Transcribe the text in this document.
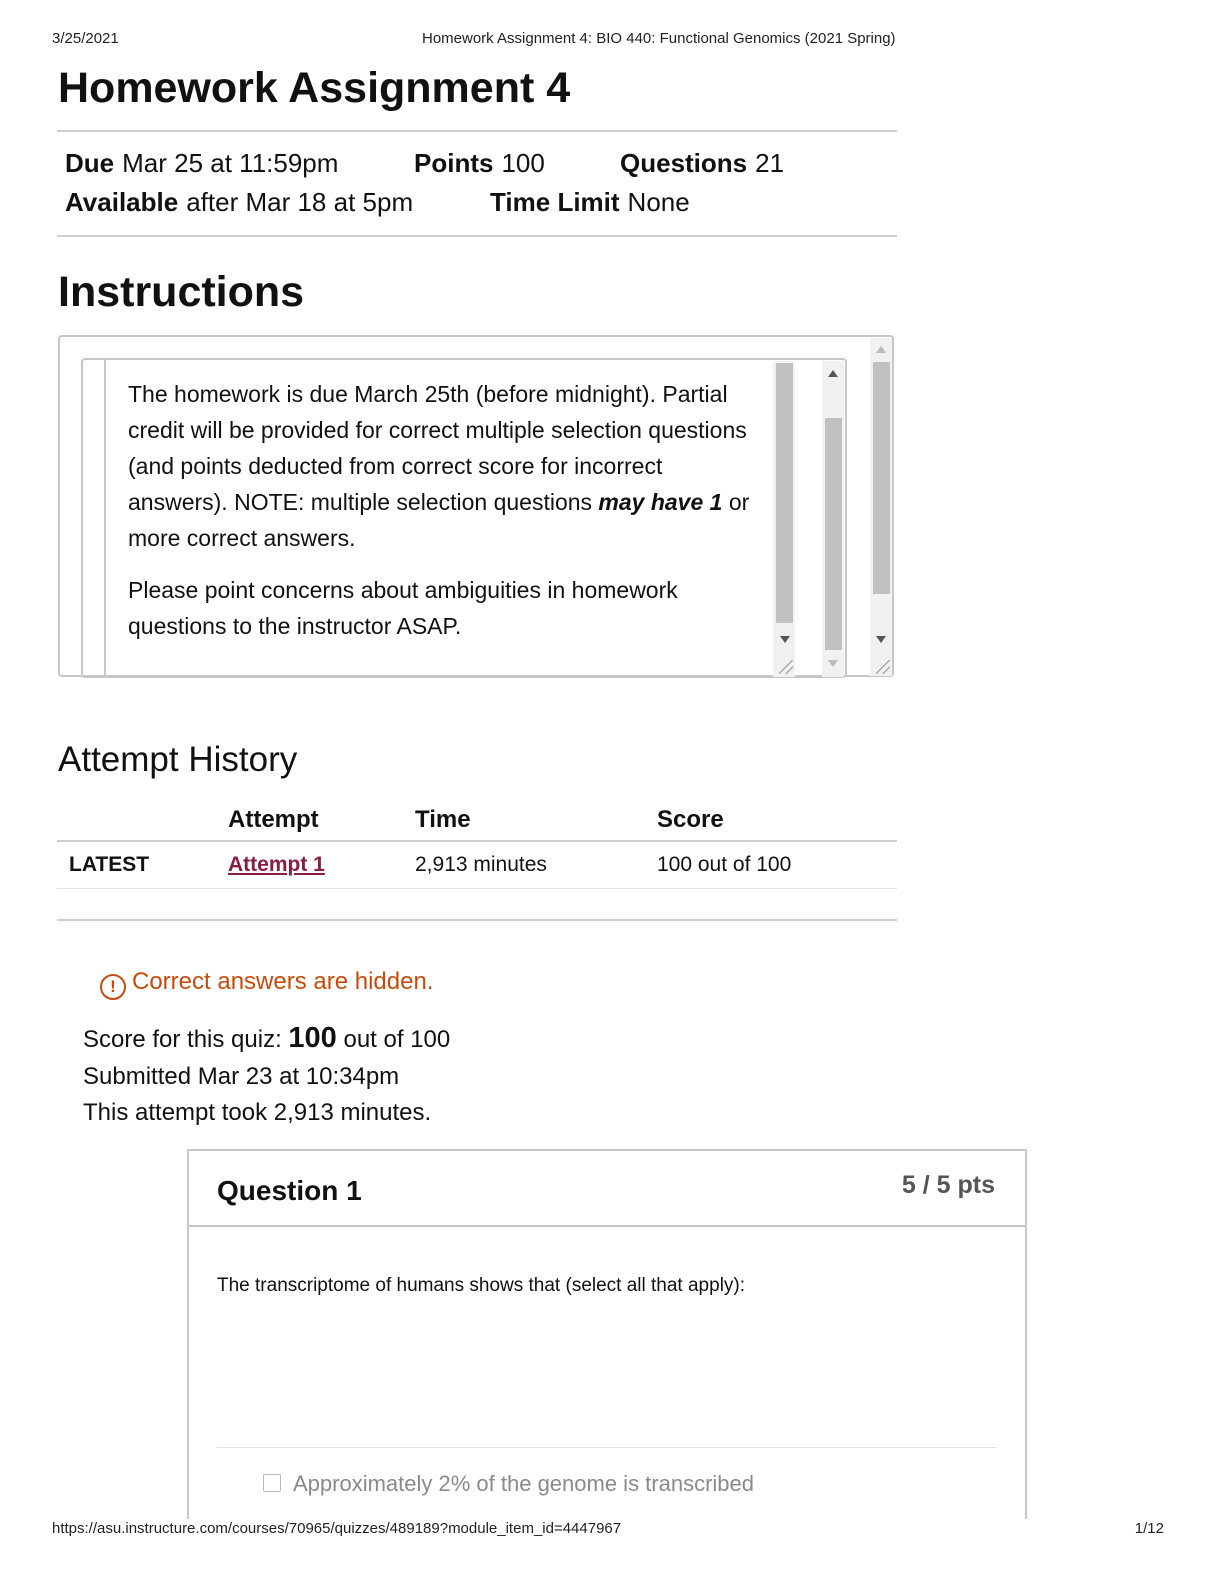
3/25/2021	Homework Assignment 4: BIO 440: Functional Genomics (2021 Spring)
Homework Assignment 4
Due Mar 25 at 11:59pm	Points 100	Questions 21
Available after Mar 18 at 5pm	Time Limit None
Instructions

The homework is due March 25th (before midnight). Partial credit will be provided for correct multiple selection questions (and points deducted from correct score for incorrect answers). NOTE: multiple selection questions may have 1 or more correct answers.

Please point concerns about ambiguities in homework questions to the instructor ASAP.

Attempt History
	Attempt	Time	Score
LATEST	Attempt 1	2,913 minutes	100 out of 100
! Correct answers are hidden.
Score for this quiz: 100 out of 100
Submitted Mar 23 at 10:34pm
This attempt took 2,913 minutes.
Question 1	5 / 5 pts
The transcriptome of humans shows that (select all that apply):
Approximately 2% of the genome is transcribed
https://asu.instructure.com/courses/70965/quizzes/489189?module_item_id=4447967	1/12
